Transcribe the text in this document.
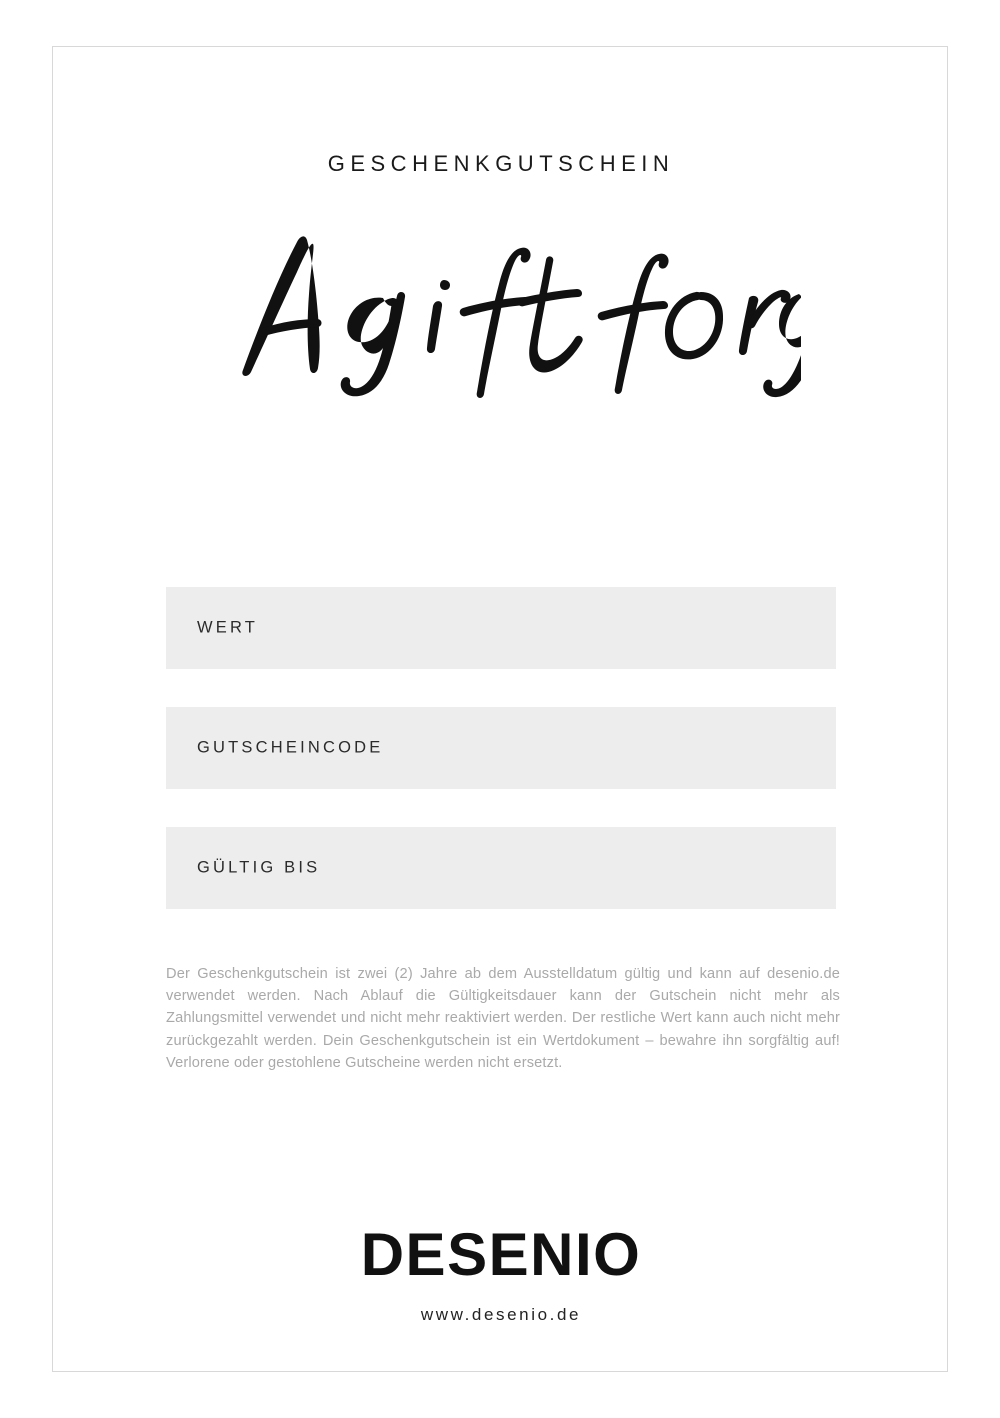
GESCHENKGUTSCHEIN
WERT
GUTSCHEINCODE
GÜLTIG BIS
Der Geschenkgutschein ist zwei (2) Jahre ab dem Ausstelldatum gültig und kann auf desenio.de verwendet werden. Nach Ablauf die Gültigkeitsdauer kann der Gutschein nicht mehr als Zahlungsmittel verwendet und nicht mehr reaktiviert werden. Der restliche Wert kann auch nicht mehr zurückgezahlt werden. Dein Geschenkgutschein ist ein Wertdokument – bewahre ihn sorgfältig auf! Verlorene oder gestohlene Gutscheine werden nicht ersetzt.
DESENIO
www.desenio.de
